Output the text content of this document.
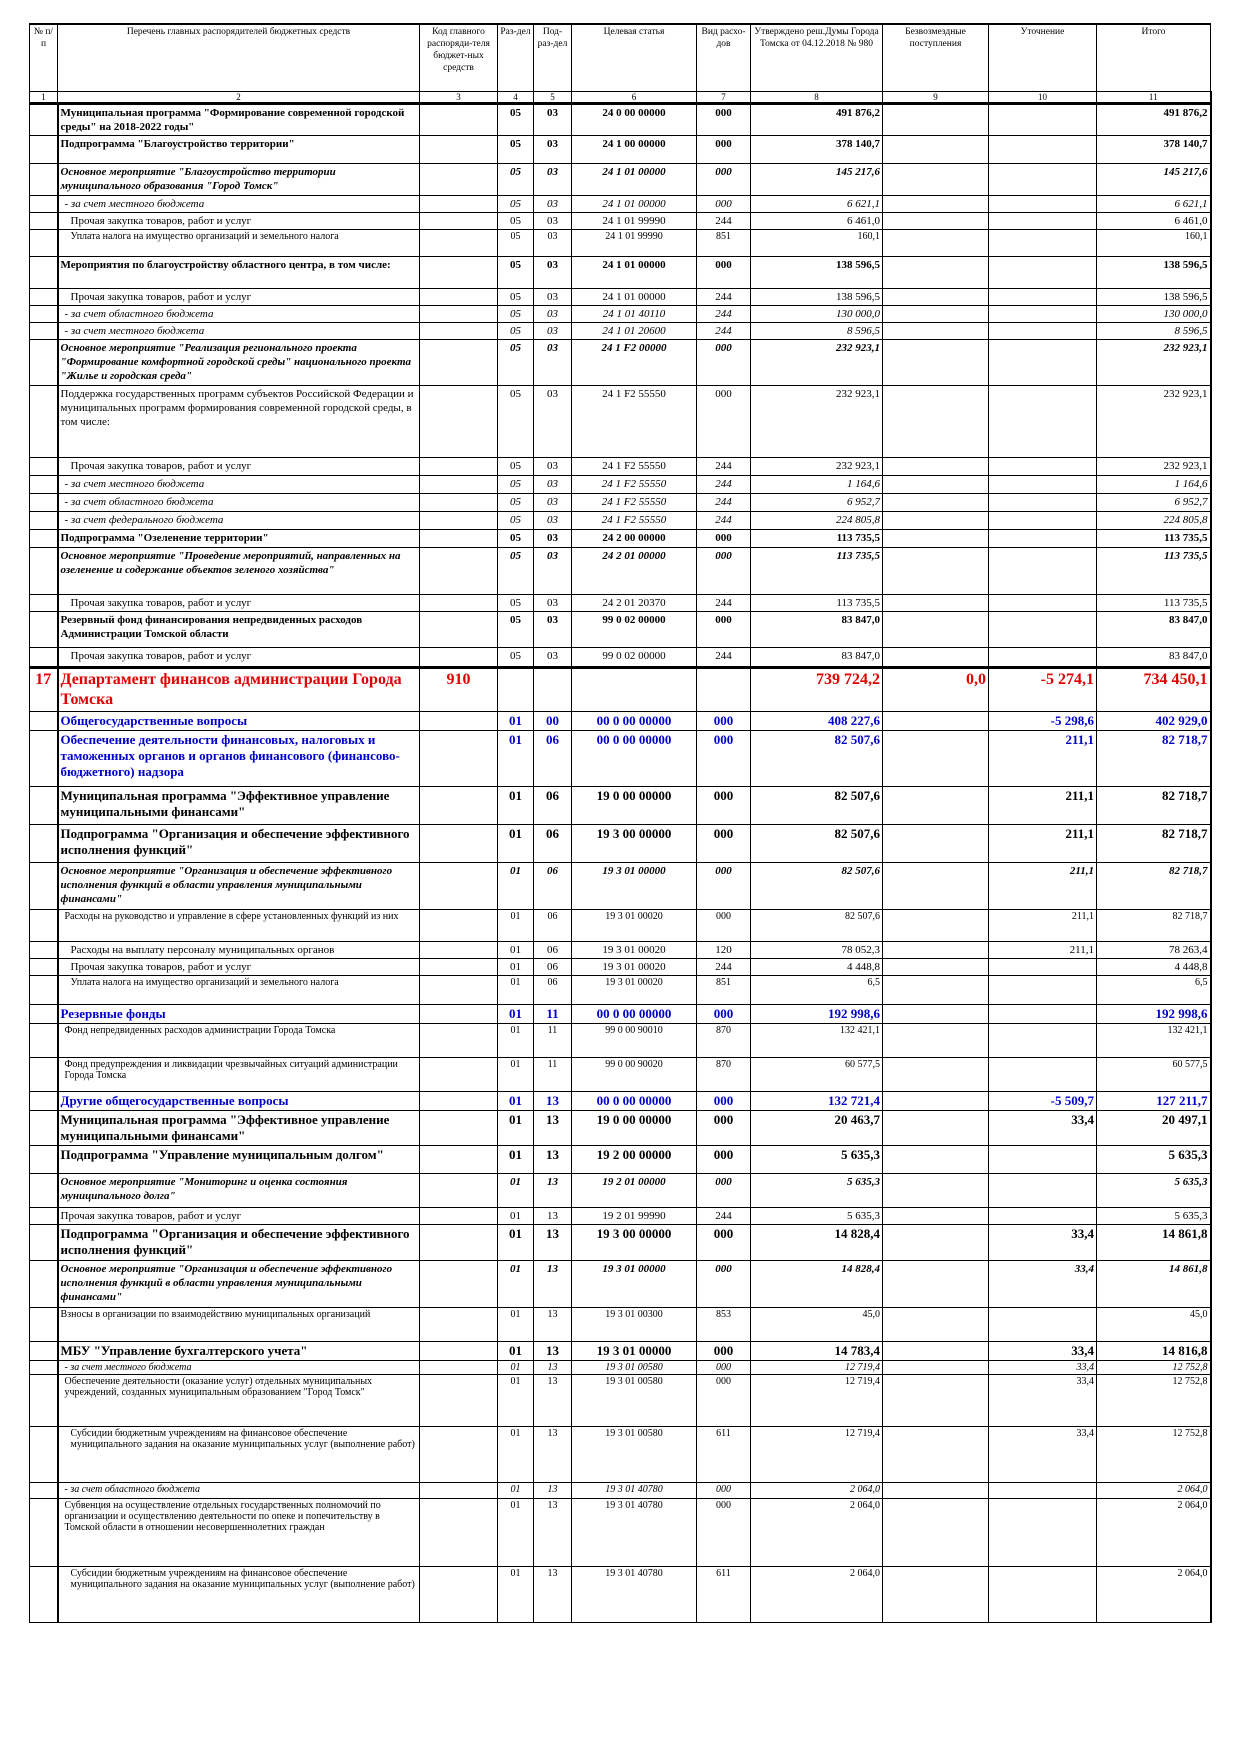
№ п/п	Перечень главных распорядителей бюджетных средств	Код главного распоряди-теля бюджет-ных средств	Раз-дел	Под-раз-дел	Целевая статья	Вид расхо-дов	Утверждено реш.Думы Города Томска от 04.12.2018 № 980	Безвозмездные поступления	Уточнение	Итого
1	2	3	4	5	6	7	8	9	10	11
	Муниципальная программа "Формирование современной городской среды" на 2018-2022 годы"		05	03	24 0 00 00000	000	491 876,2			491 876,2
	Подпрограмма "Благоустройство территории"		05	03	24 1 00 00000	000	378 140,7			378 140,7
	Основное мероприятие "Благоустройство территории муниципального образования "Город Томск"		05	03	24 1 01 00000	000	145 217,6			145 217,6
	- за счет местного бюджета		05	03	24 1 01 00000	000	6 621,1			6 621,1
	Прочая закупка товаров, работ и услуг		05	03	24 1 01 99990	244	6 461,0			6 461,0
	Уплата налога на имущество организаций и земельного налога		05	03	24 1 01 99990	851	160,1			160,1
	Мероприятия по благоустройству областного центра, в том числе:		05	03	24 1 01 00000	000	138 596,5			138 596,5
	Прочая закупка товаров, работ и услуг		05	03	24 1 01 00000	244	138 596,5			138 596,5
	- за счет областного бюджета		05	03	24 1 01 40110	244	130 000,0			130 000,0
	- за счет местного бюджета		05	03	24 1 01 20600	244	8 596,5			8 596,5
	Основное мероприятие "Реализация регионального проекта "Формирование комфортной городской среды" национального проекта "Жилье и городская среда"		05	03	24 1 F2 00000	000	232 923,1			232 923,1
	Поддержка государственных программ субъектов Российской Федерации и муниципальных программ формирования современной городской среды, в том числе:		05	03	24 1 F2 55550	000	232 923,1			232 923,1
	Прочая закупка товаров, работ и услуг		05	03	24 1 F2 55550	244	232 923,1			232 923,1
	- за счет местного бюджета		05	03	24 1 F2 55550	244	1 164,6			1 164,6
	- за счет областного бюджета		05	03	24 1 F2 55550	244	6 952,7			6 952,7
	- за счет федерального бюджета		05	03	24 1 F2 55550	244	224 805,8			224 805,8
	Подпрограмма "Озеленение территории"		05	03	24 2 00 00000	000	113 735,5			113 735,5
	Основное мероприятие "Проведение мероприятий, направленных на озеленение и содержание объектов зеленого хозяйства"		05	03	24 2 01 00000	000	113 735,5			113 735,5
	Прочая закупка товаров, работ и услуг		05	03	24 2 01 20370	244	113 735,5			113 735,5
	Резервный фонд финансирования непредвиденных расходов Администрации Томской области		05	03	99 0 02 00000	000	83 847,0			83 847,0
	Прочая закупка товаров, работ и услуг		05	03	99 0 02 00000	244	83 847,0			83 847,0
17	Департамент финансов администрации Города Томска	910					739 724,2	0,0	-5 274,1	734 450,1
	Общегосударственные вопросы		01	00	00 0 00 00000	000	408 227,6		-5 298,6	402 929,0
	Обеспечение деятельности финансовых, налоговых и таможенных органов и органов финансового (финансово-бюджетного) надзора		01	06	00 0 00 00000	000	82 507,6		211,1	82 718,7
	Муниципальная программа "Эффективное управление муниципальными финансами"		01	06	19 0 00 00000	000	82 507,6		211,1	82 718,7
	Подпрограмма "Организация и обеспечение эффективного исполнения функций"		01	06	19 3 00 00000	000	82 507,6		211,1	82 718,7
	Основное мероприятие "Организация и обеспечение эффективного исполнения функций в области управления муниципальными финансами"		01	06	19 3 01 00000	000	82 507,6		211,1	82 718,7
	Расходы на руководство и управление в сфере установленных функций из них		01	06	19 3 01 00020	000	82 507,6		211,1	82 718,7
	Расходы на выплату персоналу муниципальных органов		01	06	19 3 01 00020	120	78 052,3		211,1	78 263,4
	Прочая закупка товаров, работ и услуг		01	06	19 3 01 00020	244	4 448,8			4 448,8
	Уплата налога на имущество организаций и земельного налога		01	06	19 3 01 00020	851	6,5			6,5
	Резервные фонды		01	11	00 0 00 00000	000	192 998,6			192 998,6
	Фонд непредвиденных расходов администрации Города Томска		01	11	99 0 00 90010	870	132 421,1			132 421,1
	Фонд предупреждения и ликвидации чрезвычайных ситуаций администрации Города Томска		01	11	99 0 00 90020	870	60 577,5			60 577,5
	Другие общегосударственные вопросы		01	13	00 0 00 00000	000	132 721,4		-5 509,7	127 211,7
	Муниципальная программа "Эффективное управление муниципальными финансами"		01	13	19 0 00 00000	000	20 463,7		33,4	20 497,1
	Подпрограмма "Управление муниципальным долгом"		01	13	19 2 00 00000	000	5 635,3			5 635,3
	Основное мероприятие "Мониторинг и оценка состояния муниципального долга"		01	13	19 2 01 00000	000	5 635,3			5 635,3
	Прочая закупка товаров, работ и услуг		01	13	19 2 01 99990	244	5 635,3			5 635,3
	Подпрограмма "Организация и обеспечение эффективного исполнения функций"		01	13	19 3 00 00000	000	14 828,4		33,4	14 861,8
	Основное мероприятие "Организация и обеспечение эффективного исполнения функций в области управления муниципальными финансами"		01	13	19 3 01 00000	000	14 828,4		33,4	14 861,8
	Взносы в организации по взаимодействию муниципальных организаций		01	13	19 3 01 00300	853	45,0			45,0
	МБУ "Управление бухгалтерского учета"		01	13	19 3 01 00000	000	14 783,4		33,4	14 816,8
	- за счет местного бюджета		01	13	19 3 01 00580	000	12 719,4		33,4	12 752,8
	Обеспечение деятельности (оказание услуг) отдельных муниципальных учреждений, созданных муниципальным образованием "Город Томск"		01	13	19 3 01 00580	000	12 719,4		33,4	12 752,8
	Субсидии бюджетным учреждениям на финансовое обеспечение муниципального задания на оказание муниципальных услуг (выполнение работ)		01	13	19 3 01 00580	611	12 719,4		33,4	12 752,8
	- за счет областного бюджета		01	13	19 3 01 40780	000	2 064,0			2 064,0
	Субвенция на осуществление отдельных государственных полномочий по организации и осуществлению деятельности по опеке и попечительству в Томской области в отношении несовершеннолетних граждан		01	13	19 3 01 40780	000	2 064,0			2 064,0
	Субсидии бюджетным учреждениям на финансовое обеспечение муниципального задания на оказание муниципальных услуг (выполнение работ)		01	13	19 3 01 40780	611	2 064,0			2 064,0
